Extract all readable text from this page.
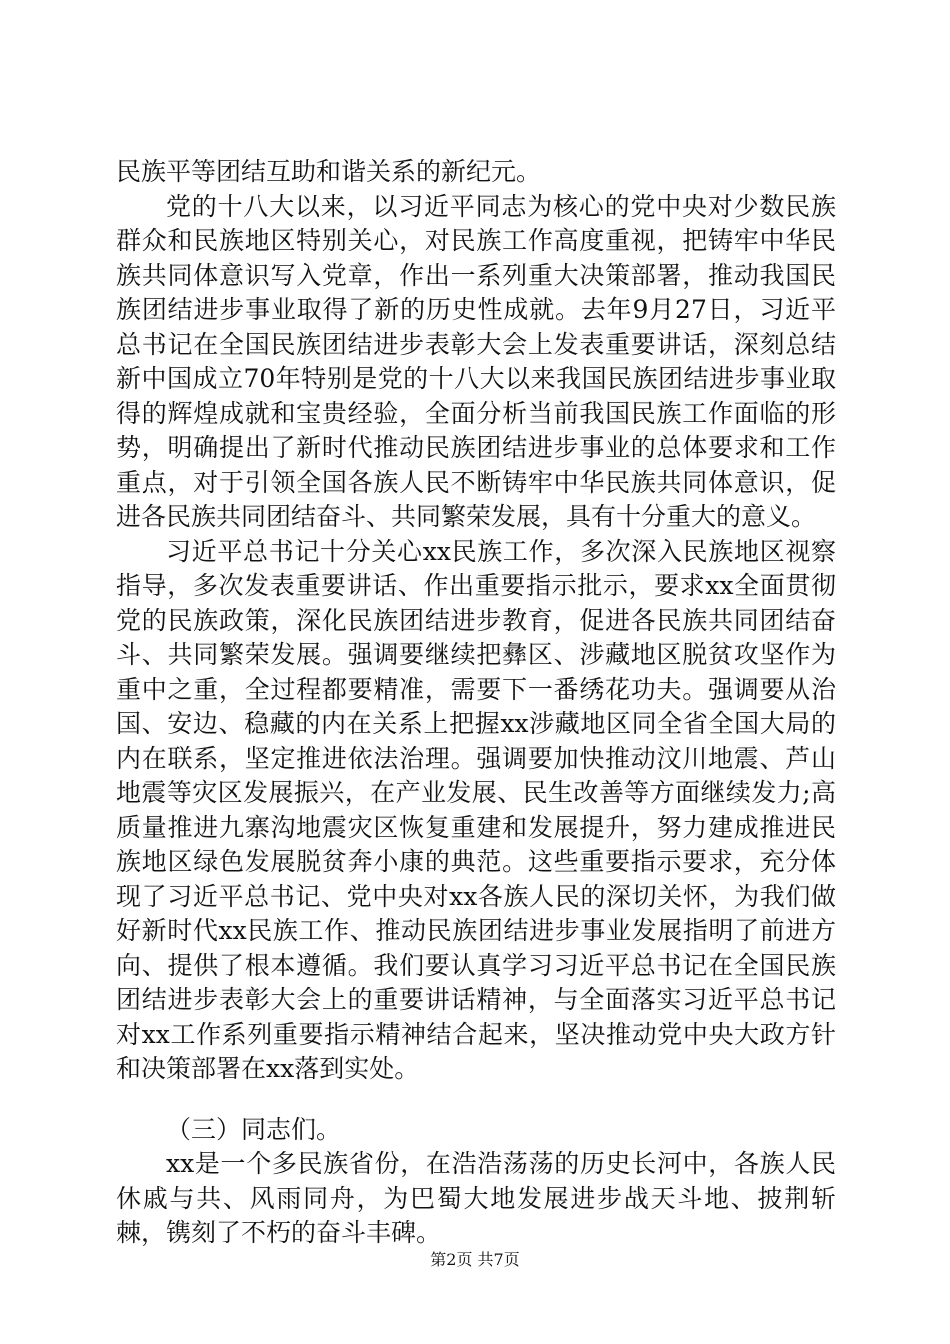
民族平等团结互助和谐关系的新纪元。

党的十八大以来，以习近平同志为核心的党中央对少数民族群众和民族地区特别关心，对民族工作高度重视，把铸牢中华民族共同体意识写入党章，作出一系列重大决策部署，推动我国民族团结进步事业取得了新的历史性成就。去年9月27日，习近平总书记在全国民族团结进步表彰大会上发表重要讲话，深刻总结新中国成立70年特别是党的十八大以来我国民族团结进步事业取得的辉煌成就和宝贵经验，全面分析当前我国民族工作面临的形势，明确提出了新时代推动民族团结进步事业的总体要求和工作重点，对于引领全国各族人民不断铸牢中华民族共同体意识，促进各民族共同团结奋斗、共同繁荣发展，具有十分重大的意义。

习近平总书记十分关心xx民族工作，多次深入民族地区视察指导，多次发表重要讲话、作出重要指示批示，要求xx全面贯彻党的民族政策，深化民族团结进步教育，促进各民族共同团结奋斗、共同繁荣发展。强调要继续把彝区、涉藏地区脱贫攻坚作为重中之重，全过程都要精准，需要下一番绣花功夫。强调要从治国、安边、稳藏的内在关系上把握xx涉藏地区同全省全国大局的内在联系，坚定推进依法治理。强调要加快推动汶川地震、芦山地震等灾区发展振兴，在产业发展、民生改善等方面继续发力;高质量推进九寨沟地震灾区恢复重建和发展提升，努力建成推进民族地区绿色发展脱贫奔小康的典范。这些重要指示要求，充分体现了习近平总书记、党中央对xx各族人民的深切关怀，为我们做好新时代xx民族工作、推动民族团结进步事业发展指明了前进方向、提供了根本遵循。我们要认真学习习近平总书记在全国民族团结进步表彰大会上的重要讲话精神，与全面落实习近平总书记对xx工作系列重要指示精神结合起来，坚决推动党中央大政方针和决策部署在xx落到实处。

（三）同志们。

xx是一个多民族省份，在浩浩荡荡的历史长河中，各族人民休戚与共、风雨同舟，为巴蜀大地发展进步战天斗地、披荆斩棘，镌刻了不朽的奋斗丰碑。

第2页 共7页
